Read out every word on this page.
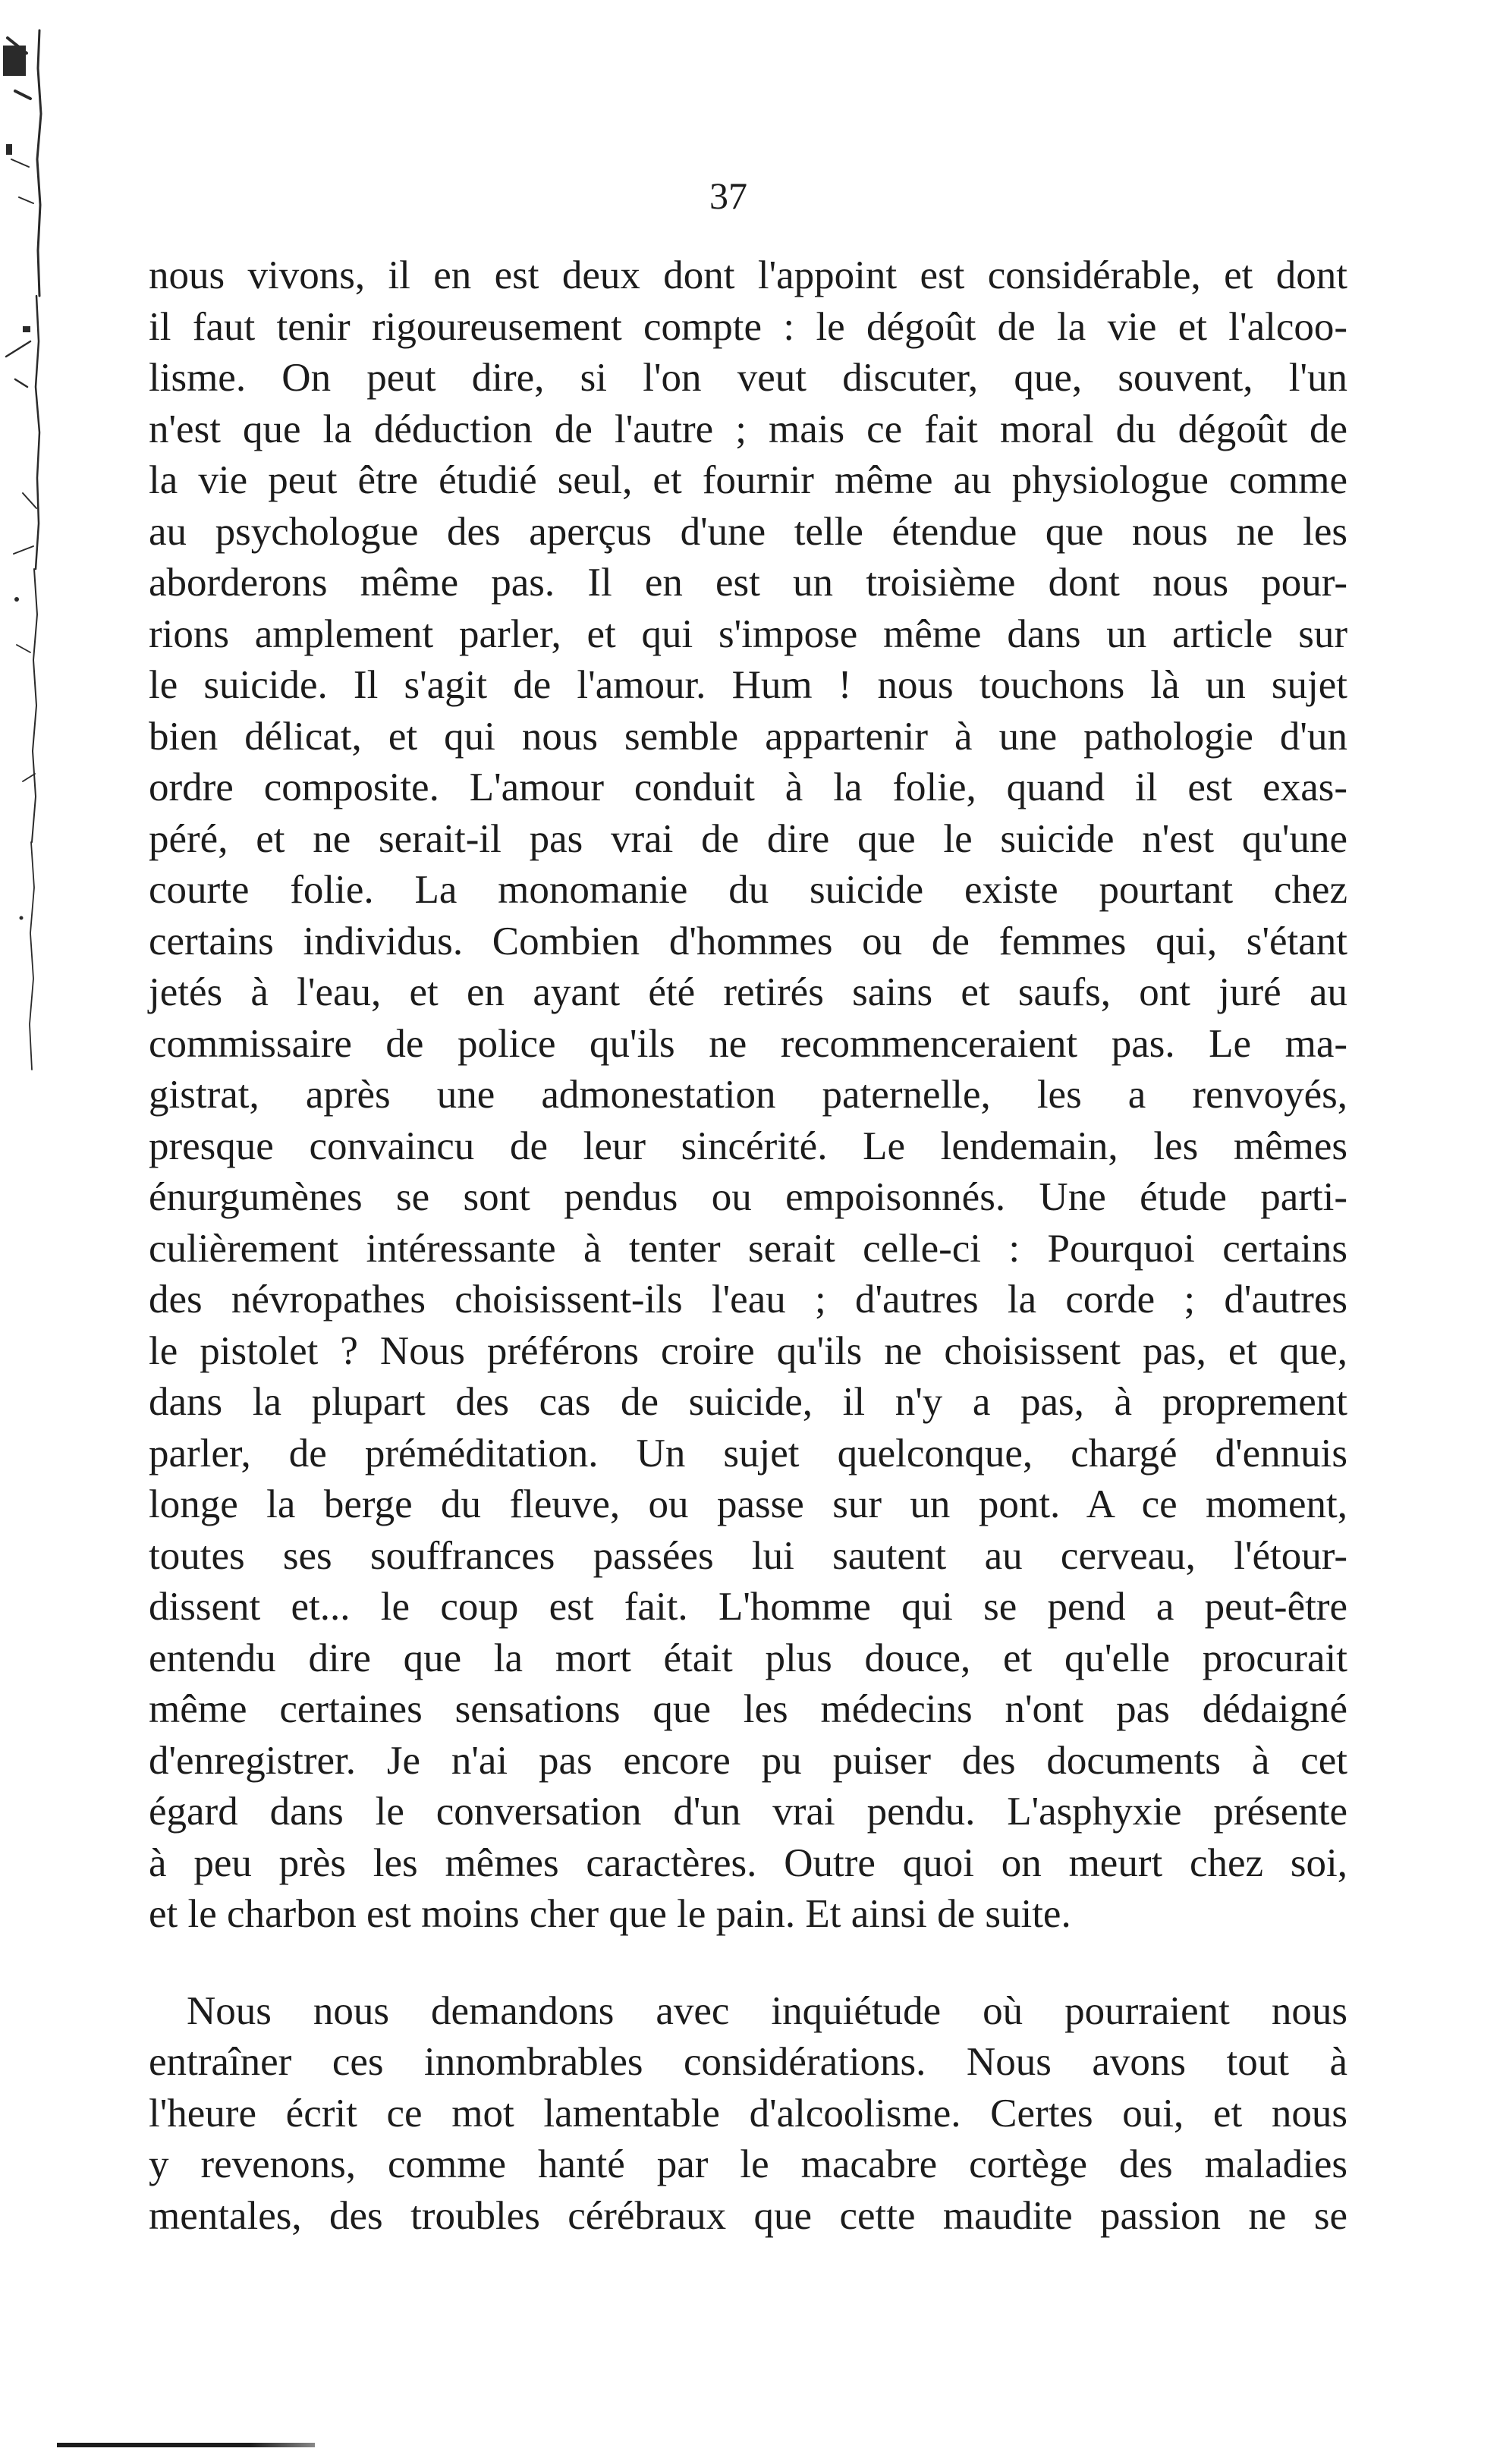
37
nous vivons, il en est deux dont l'appoint est considérable, et dont
il faut tenir rigoureusement compte : le dégoût de la vie et l'alcoo-
lisme. On peut dire, si l'on veut discuter, que, souvent, l'un
n'est que la déduction de l'autre ; mais ce fait moral du dégoût de
la vie peut être étudié seul, et fournir même au physiologue comme
au psychologue des aperçus d'une telle étendue que nous ne les
aborderons même pas. Il en est un troisième dont nous pour-
rions amplement parler, et qui s'impose même dans un article sur
le suicide. Il s'agit de l'amour. Hum ! nous touchons là un sujet
bien délicat, et qui nous semble appartenir à une pathologie d'un
ordre composite. L'amour conduit à la folie, quand il est exas-
péré, et ne serait-il pas vrai de dire que le suicide n'est qu'une
courte folie. La monomanie du suicide existe pourtant chez
certains individus. Combien d'hommes ou de femmes qui, s'étant
jetés à l'eau, et en ayant été retirés sains et saufs, ont juré au
commissaire de police qu'ils ne recommenceraient pas. Le ma-
gistrat, après une admonestation paternelle, les a renvoyés,
presque convaincu de leur sincérité. Le lendemain, les mêmes
énurgumènes se sont pendus ou empoisonnés. Une étude parti-
culièrement intéressante à tenter serait celle-ci : Pourquoi certains
des névropathes choisissent-ils l'eau ; d'autres la corde ; d'autres
le pistolet ? Nous préférons croire qu'ils ne choisissent pas, et que,
dans la plupart des cas de suicide, il n'y a pas, à proprement
parler, de préméditation. Un sujet quelconque, chargé d'ennuis
longe la berge du fleuve, ou passe sur un pont. A ce moment,
toutes ses souffrances passées lui sautent au cerveau, l'étour-
dissent et... le coup est fait. L'homme qui se pend a peut-être
entendu dire que la mort était plus douce, et qu'elle procurait
même certaines sensations que les médecins n'ont pas dédaigné
d'enregistrer. Je n'ai pas encore pu puiser des documents à cet
égard dans le conversation d'un vrai pendu. L'asphyxie présente
à peu près les mêmes caractères. Outre quoi on meurt chez soi,
et le charbon est moins cher que le pain. Et ainsi de suite.
Nous nous demandons avec inquiétude où pourraient nous
entraîner ces innombrables considérations. Nous avons tout à
l'heure écrit ce mot lamentable d'alcoolisme. Certes oui, et nous
y revenons, comme hanté par le macabre cortège des maladies
mentales, des troubles cérébraux que cette maudite passion ne se
